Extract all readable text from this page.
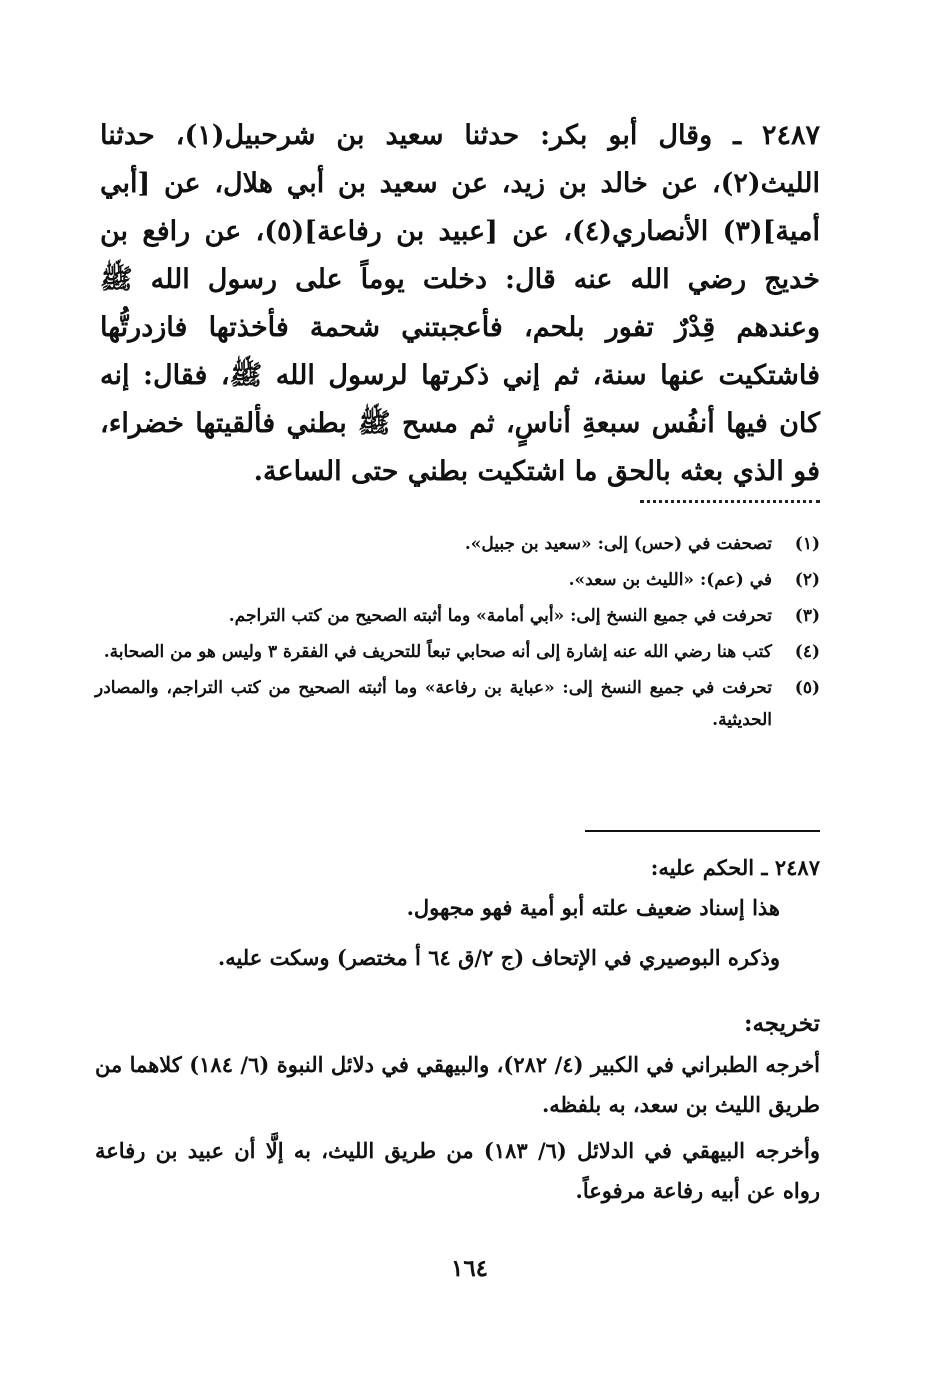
٢٤٨٧ ـ وقال أبو بكر: حدثنا سعيد بن شرحبيل(١)، حدثنا الليث(٢)، عن خالد بن زيد، عن سعيد بن أبي هلال، عن [أبي أمية](٣) الأنصاري(٤)، عن [عبيد بن رفاعة](٥)، عن رافع بن خديج رضي الله عنه قال: دخلت يوماً على رسول الله ﷺ وعندهم قِدْرٌ تفور بلحم، فأعجبتني شحمة فأخذتها فازدرتُّها فاشتكيت عنها سنة، ثم إني ذكرتها لرسول الله ﷺ، فقال: إنه كان فيها أنفُس سبعةِ أناسٍ، ثم مسح ﷺ بطني فألقيتها خضراء، فو الذي بعثه بالحق ما اشتكيت بطني حتى الساعة.
(١)
تصحفت في (حس) إلى: «سعيد بن جبيل».
(٢)
في (عم): «الليث بن سعد».
(٣)
تحرفت في جميع النسخ إلى: «أبي أمامة» وما أثبته الصحيح من كتب التراجم.
(٤)
كتب هنا رضي الله عنه إشارة إلى أنه صحابي تبعاً للتحريف في الفقرة ٣ وليس هو من الصحابة.
(٥)
تحرفت في جميع النسخ إلى: «عباية بن رفاعة» وما أثبته الصحيح من كتب التراجم، والمصادر الحديثية.
٢٤٨٧ ـ الحكم عليه:

هذا إسناد ضعيف علته أبو أمية فهو مجهول.

وذكره البوصيري في الإتحاف (ج ٢/ق ٦٤ أ مختصر) وسكت عليه.

تخريجه:

أخرجه الطبراني في الكبير (٤/ ٢٨٢)، والبيهقي في دلائل النبوة (٦/ ١٨٤) كلاهما من طريق الليث بن سعد، به بلفظه.

وأخرجه البيهقي في الدلائل (٦/ ١٨٣) من طريق الليث، به إلَّا أن عبيد بن رفاعة رواه عن أبيه رفاعة مرفوعاً.

١٦٤
